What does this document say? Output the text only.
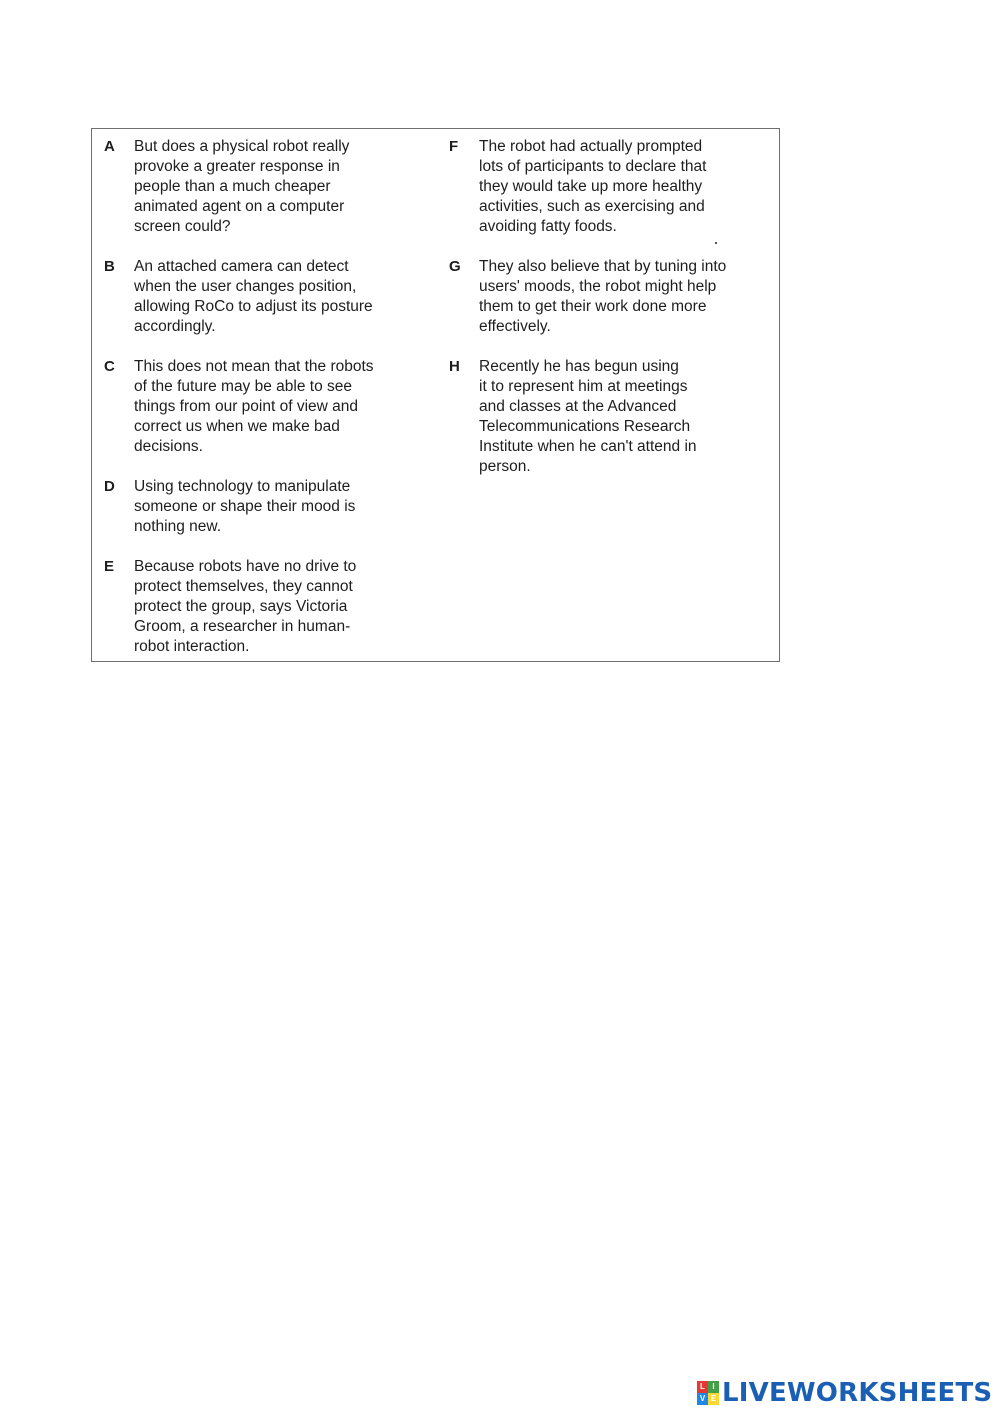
A But does a physical robot really
provoke a greater response in
people than a much cheaper
animated agent on a computer
screen could?
B An attached camera can detect
when the user changes position,
allowing RoCo to adjust its posture
accordingly.
C This does not mean that the robots
of the future may be able to see
things from our point of view and
correct us when we make bad
decisions.
D Using technology to manipulate
someone or shape their mood is
nothing new.
E Because robots have no drive to
protect themselves, they cannot
protect the group, says Victoria
Groom, a researcher in human-
robot interaction.
F The robot had actually prompted
lots of participants to declare that
they would take up more healthy
activities, such as exercising and
avoiding fatty foods.
G They also believe that by tuning into
users' moods, the robot might help
them to get their work done more
effectively.
H Recently he has begun using
it to represent him at meetings
and classes at the Advanced
Telecommunications Research
Institute when he can't attend in
person.
L I
V E LIVEWORKSHEETS
